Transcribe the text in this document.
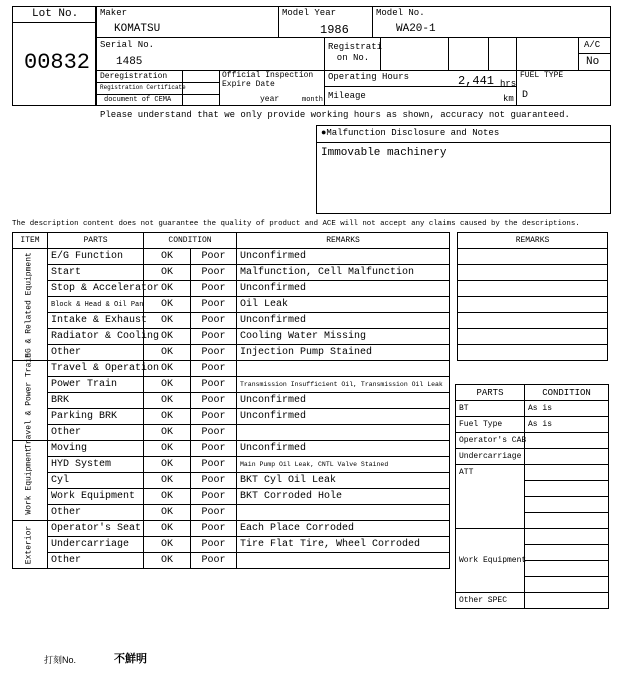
Lot No.
00832
Maker
KOMATSU
Model Year
1986
Model No.
WA20-1
Serial No.
1485
Registrati on No.
A/C
No
Deregistration
Registration Certificate
document of CEMA
Official Inspection Expire Date
year	month
Operating Hours	2,441 hrs
Mileage	km
FUEL TYPE
D
Please understand that we only provide working hours as shown, accuracy not guaranteed.
●Malfunction Disclosure and Notes
Immovable machinery
The description content does not guarantee the quality of product and ACE will not accept any claims caused by the descriptions.
ITEM	PARTS	CONDITION		REMARKS

EG & Related Equipment	E/G Function	OK	Poor	Unconfirmed
	Start	OK	Poor	Malfunction, Cell Malfunction
	Stop & Accelerator	OK	Poor	Unconfirmed
	Block & Head & Oil Pan	OK	Poor	Oil Leak
	Intake & Exhaust	OK	Poor	Unconfirmed
	Radiator & Cooling	OK	Poor	Cooling Water Missing
	Other	OK	Poor	Injection Pump Stained

Travel & Power Train	Travel & Operation	OK	Poor	
	Power Train	OK	Poor	Transmission Insufficient Oil, Transmission Oil Leak
	BRK	OK	Poor	Unconfirmed
	Parking BRK	OK	Poor	Unconfirmed
	Other	OK	Poor	

Work Equipment	Moving	OK	Poor	Unconfirmed
	HYD System	OK	Poor	Main Pump Oil Leak, CNTL Valve Stained
	Cyl	OK	Poor	BKT Cyl Oil Leak
	Work Equipment	OK	Poor	BKT Corroded Hole
	Other	OK	Poor	

Exterior	Operator's Seat	OK	Poor	Each Place Corroded
	Undercarriage	OK	Poor	Tire Flat Tire, Wheel Corroded
	Other	OK	Poor	
REMARKS

PARTS	CONDITION
BT	As is
Fuel Type	As is
Operator's CAB	
Undercarriage	
ATT	

Work Equipment	

Other SPEC	
打刻No.	不鮮明
